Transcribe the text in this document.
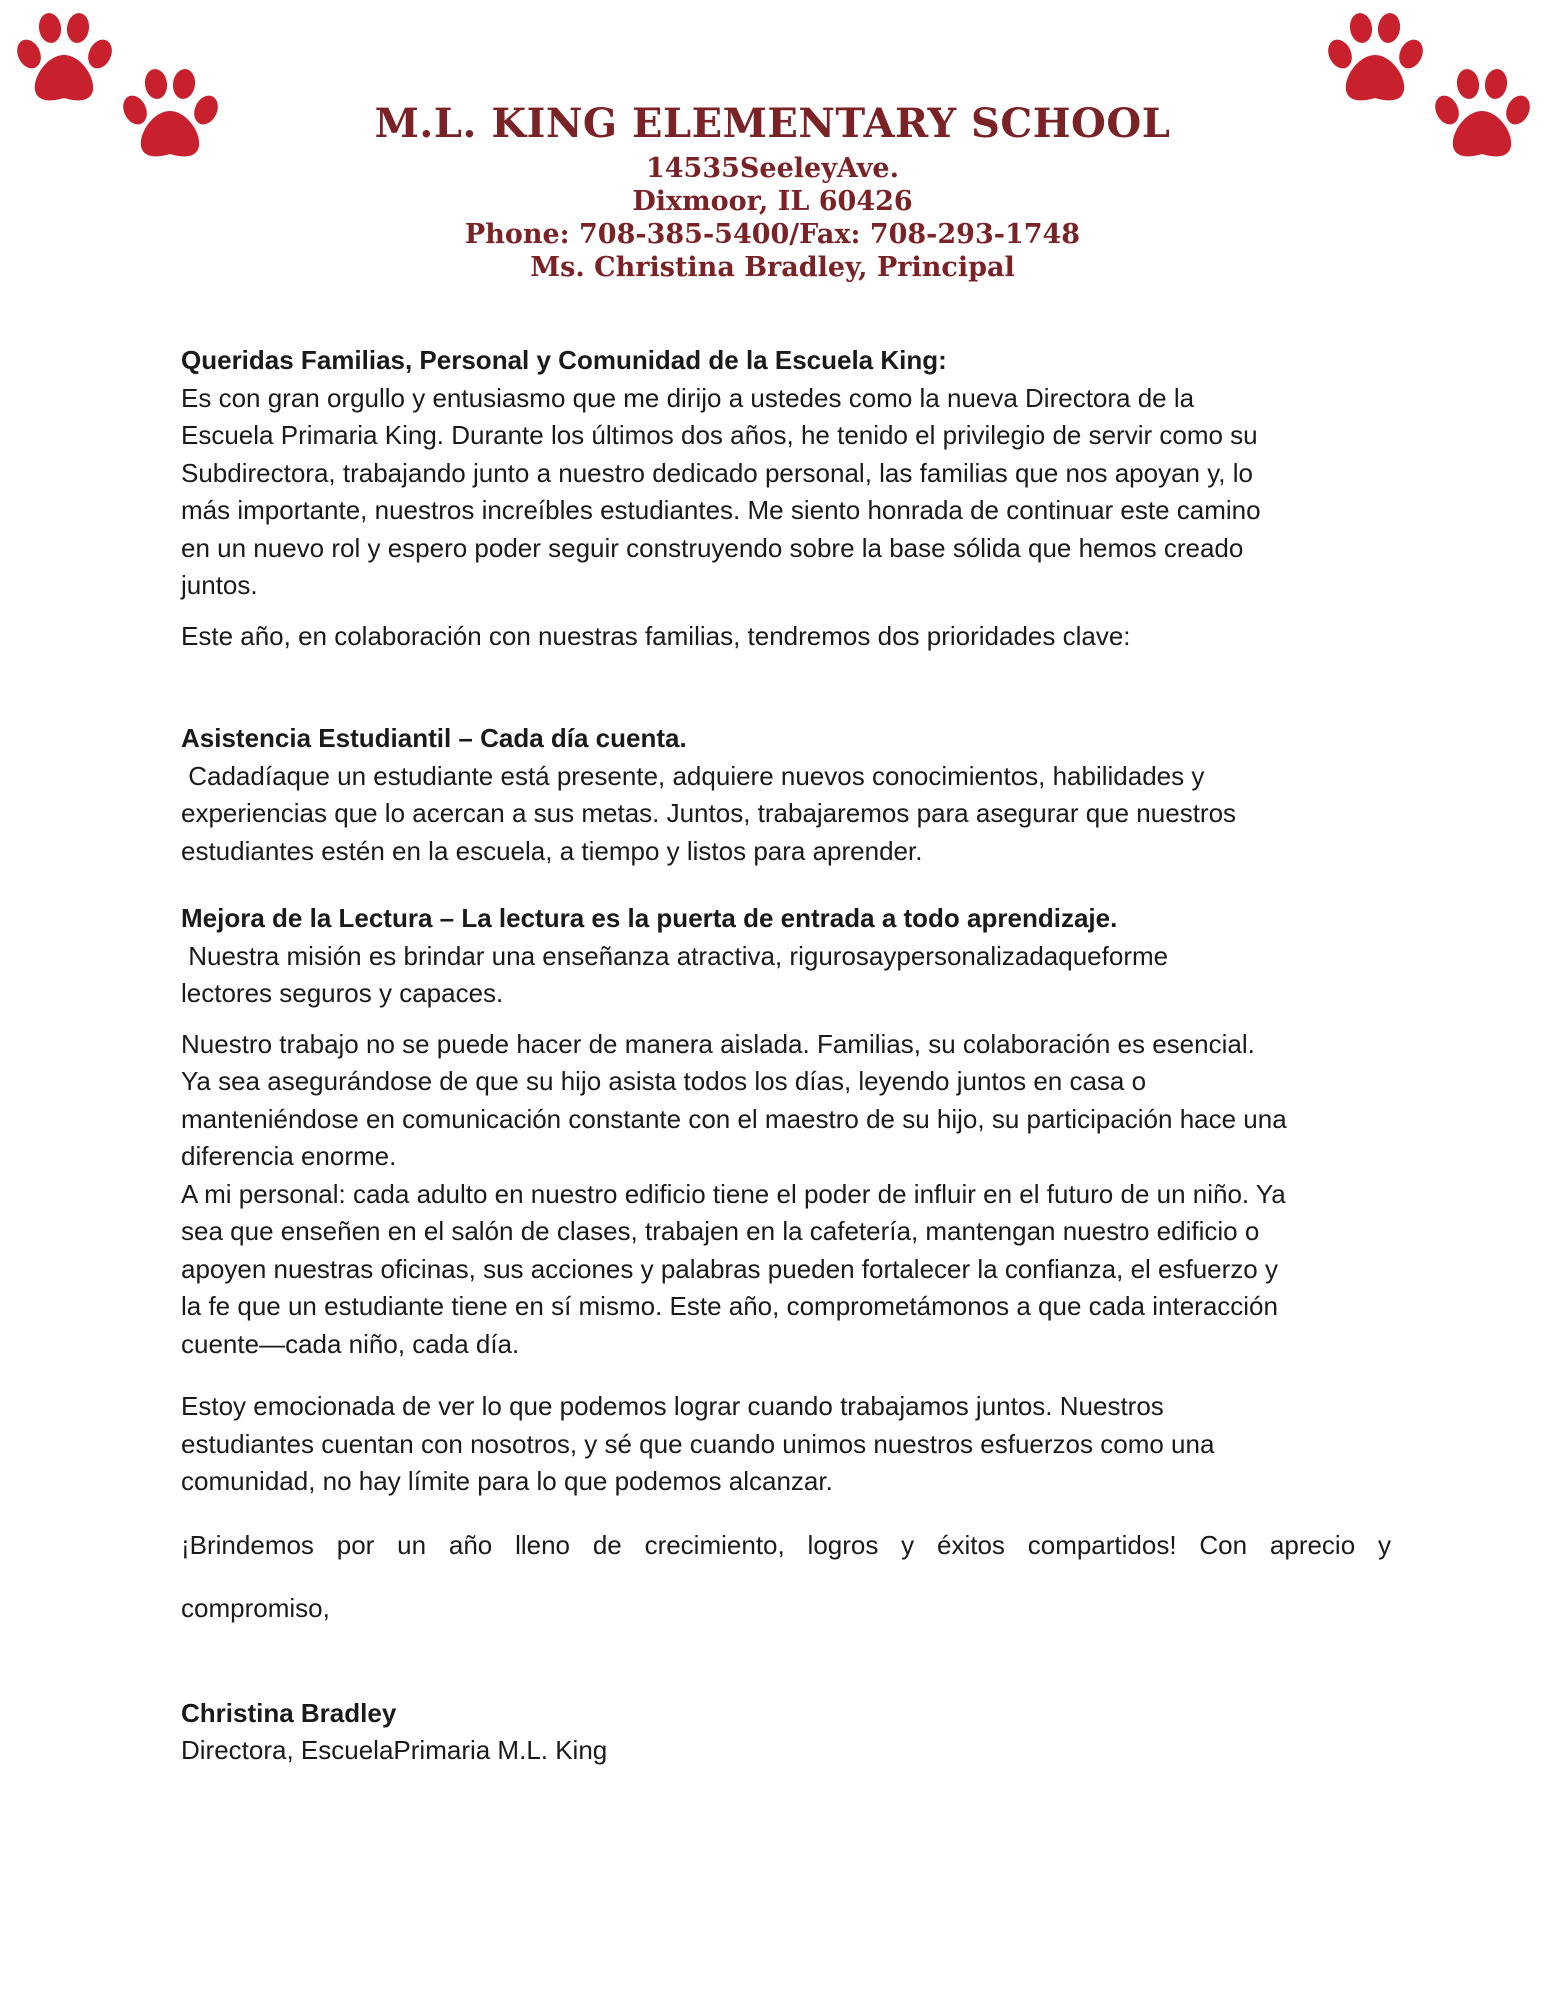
M.L. KING ELEMENTARY SCHOOL
14535SeeleyAve.
Dixmoor, IL 60426
Phone: 708-385-5400/Fax: 708-293-1748
Ms. Christina Bradley, Principal

Queridas Familias, Personal y Comunidad de la Escuela King:

Es con gran orgullo y entusiasmo que me dirijo a ustedes como la nueva Directora de la

Escuela Primaria King. Durante los últimos dos años, he tenido el privilegio de servir como su

Subdirectora, trabajando junto a nuestro dedicado personal, las familias que nos apoyan y, lo

más importante, nuestros increíbles estudiantes. Me siento honrada de continuar este camino

en un nuevo rol y espero poder seguir construyendo sobre la base sólida que hemos creado

juntos.

Este año, en colaboración con nuestras familias, tendremos dos prioridades clave:

Asistencia Estudiantil – Cada día cuenta.

Cadadíaque un estudiante está presente, adquiere nuevos conocimientos, habilidades y

experiencias que lo acercan a sus metas. Juntos, trabajaremos para asegurar que nuestros

estudiantes estén en la escuela, a tiempo y listos para aprender.

Mejora de la Lectura – La lectura es la puerta de entrada a todo aprendizaje.

Nuestra misión es brindar una enseñanza atractiva, rigurosaypersonalizadaqueforme

lectores seguros y capaces.

Nuestro trabajo no se puede hacer de manera aislada. Familias, su colaboración es esencial.

Ya sea asegurándose de que su hijo asista todos los días, leyendo juntos en casa o

manteniéndose en comunicación constante con el maestro de su hijo, su participación hace una

diferencia enorme.

A mi personal: cada adulto en nuestro edificio tiene el poder de influir en el futuro de un niño. Ya

sea que enseñen en el salón de clases, trabajen en la cafetería, mantengan nuestro edificio o

apoyen nuestras oficinas, sus acciones y palabras pueden fortalecer la confianza, el esfuerzo y

la fe que un estudiante tiene en sí mismo. Este año, comprometámonos a que cada interacción

cuente—cada niño, cada día.

Estoy emocionada de ver lo que podemos lograr cuando trabajamos juntos. Nuestros

estudiantes cuentan con nosotros, y sé que cuando unimos nuestros esfuerzos como una

comunidad, no hay límite para lo que podemos alcanzar.

¡Brindemos por un año lleno de crecimiento, logros y éxitos compartidos! Con aprecio y

compromiso,

Christina Bradley

Directora, EscuelaPrimaria M.L. King
